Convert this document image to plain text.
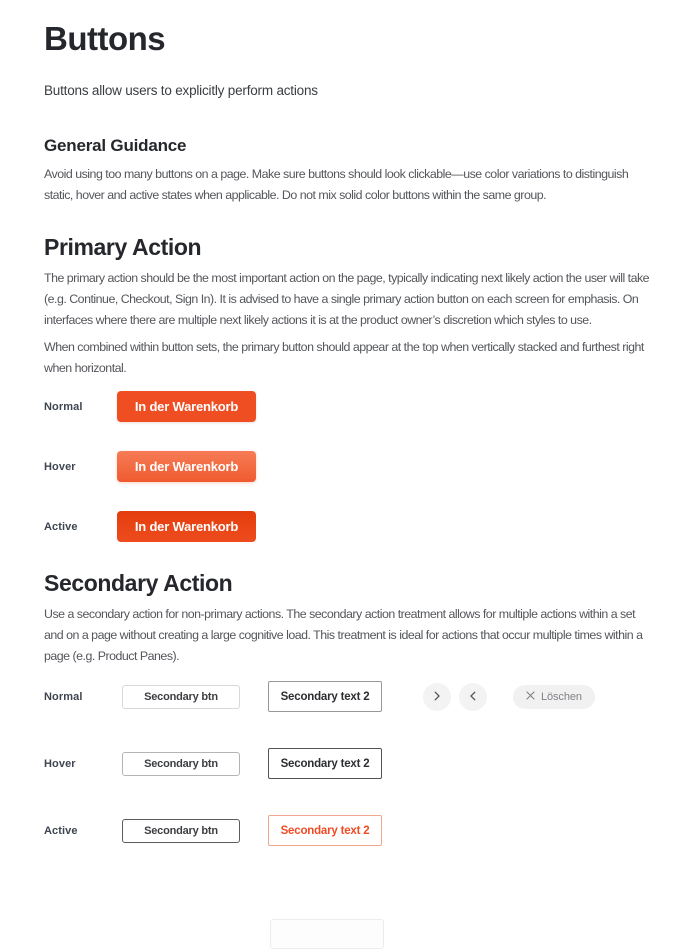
Buttons

Buttons allow users to explicitly perform actions

General Guidance

Avoid using too many buttons on a page. Make sure buttons should look clickable—use color variations to distinguish static, hover and active states when applicable. Do not mix solid color buttons within the same group.

Primary Action

The primary action should be the most important action on the page, typically indicating next likely action the user will take (e.g. Continue, Checkout, Sign In). It is advised to have a single primary action button on each screen for emphasis. On interfaces where there are multiple next likely actions it is at the product owner’s discretion which styles to use.

When combined within button sets, the primary button should appear at the top when vertically stacked and furthest right when horizontal.

Normal	In der Warenkorb
Hover	In der Warenkorb
Active	In der Warenkorb
Secondary Action

Use a secondary action for non-primary actions. The secondary action treatment allows for multiple actions within a set and on a page without creating a large cognitive load. This treatment is ideal for actions that occur multiple times within a page (e.g. Product Panes).

Normal	Secondary btn	Secondary text 2	Löschen
Hover	Secondary btn	Secondary text 2
Active	Secondary btn	Secondary text 2
